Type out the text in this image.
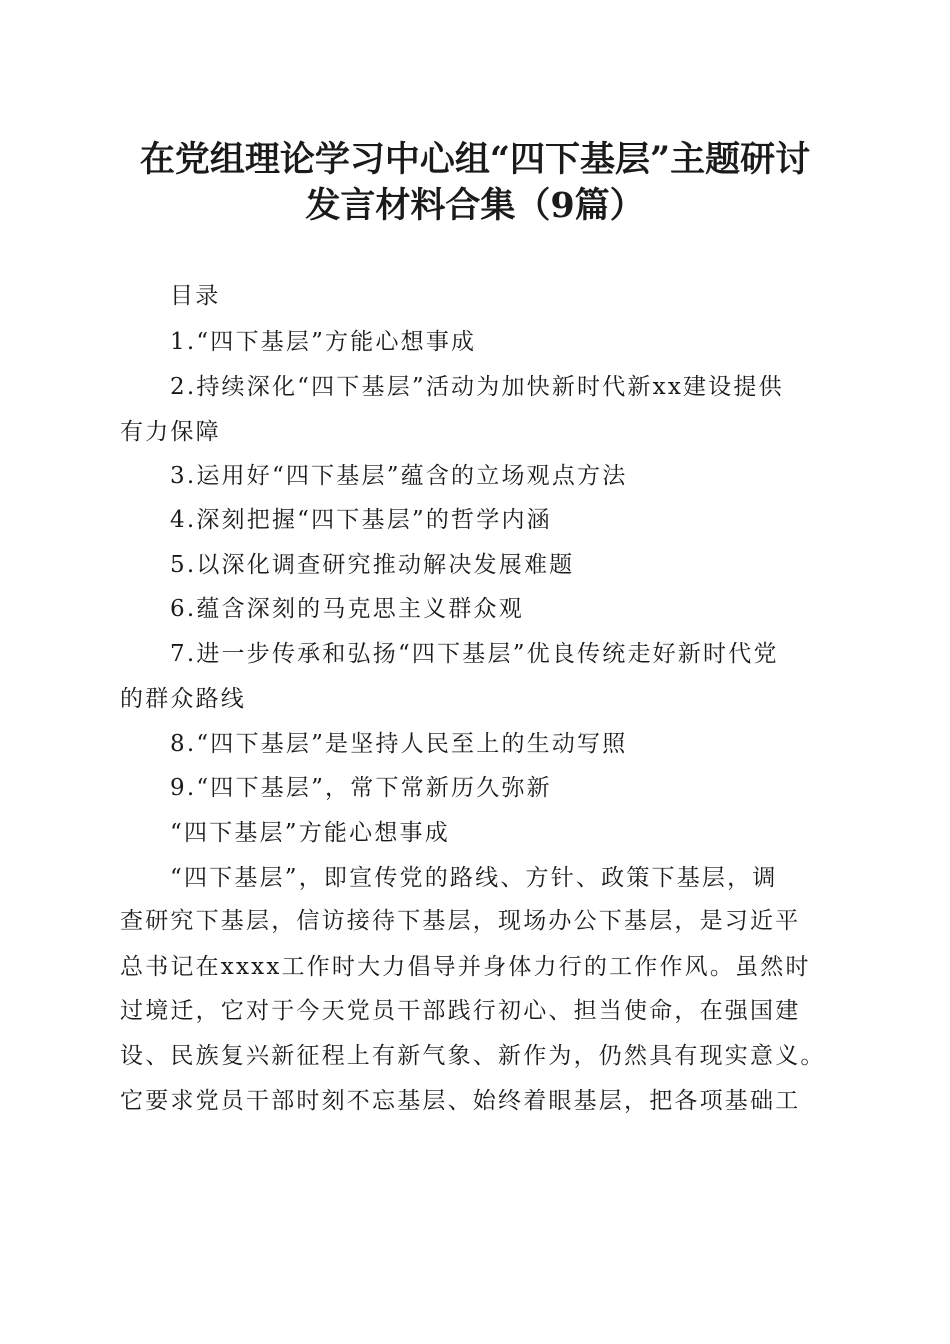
在党组理论学习中心组“四下基层”主题研讨
发言材料合集（9篇）
目录
1.“四下基层”方能心想事成
2.持续深化“四下基层”活动为加快新时代新xx建设提供
有力保障
3.运用好“四下基层”蕴含的立场观点方法
4.深刻把握“四下基层”的哲学内涵
5.以深化调查研究推动解决发展难题
6.蕴含深刻的马克思主义群众观
7.进一步传承和弘扬“四下基层”优良传统走好新时代党
的群众路线
8.“四下基层”是坚持人民至上的生动写照
9.“四下基层”，常下常新历久弥新
“四下基层”方能心想事成
“四下基层”，即宣传党的路线、方针、政策下基层，调
查研究下基层，信访接待下基层，现场办公下基层，是习近平
总书记在xxxx工作时大力倡导并身体力行的工作作风。虽然时
过境迁，它对于今天党员干部践行初心、担当使命，在强国建
设、民族复兴新征程上有新气象、新作为，仍然具有现实意义。
它要求党员干部时刻不忘基层、始终着眼基层，把各项基础工
